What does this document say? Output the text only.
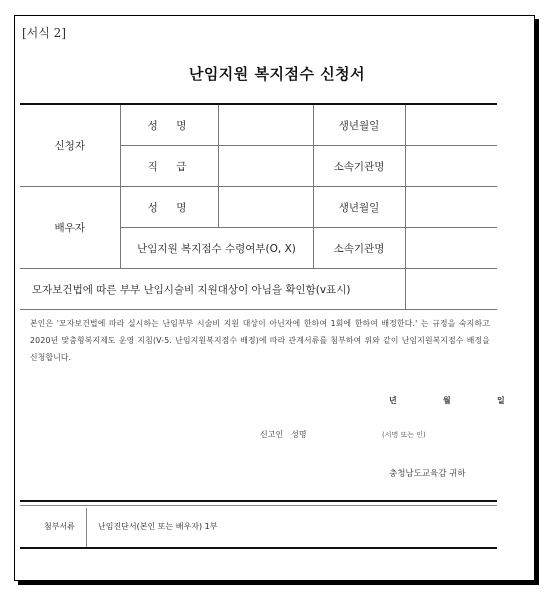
[서식 2]
난임지원 복지점수 신청서
신청자	성　명		생년월일	
	직　급		소속기관명	
배우자	성　명		생년월일	
	난임지원 복지점수 수령여부(O, X)		소속기관명	
모자보건법에 따른 부부 난임시술비 지원대상이 아님을 확인함(v표시)				
본인은 '모자보건법에 따라 실시하는 난임부부 시술비 지원 대상이 아닌자에 한하여 1회에 한하여 배정한다.' 는 규정을 숙지하고 2020년 맞춤형복지제도 운영 지침(V-5. 난임지원복지점수 배정)에 따라 관계서류를 첨부하여 위와 같이 난임지원복지점수 배정을 신청합니다.
년	월	일
신고인　성명	(서명 또는 인)
충청남도교육감 귀하
첨부서류	난임진단서(본인 또는 배우자) 1부
